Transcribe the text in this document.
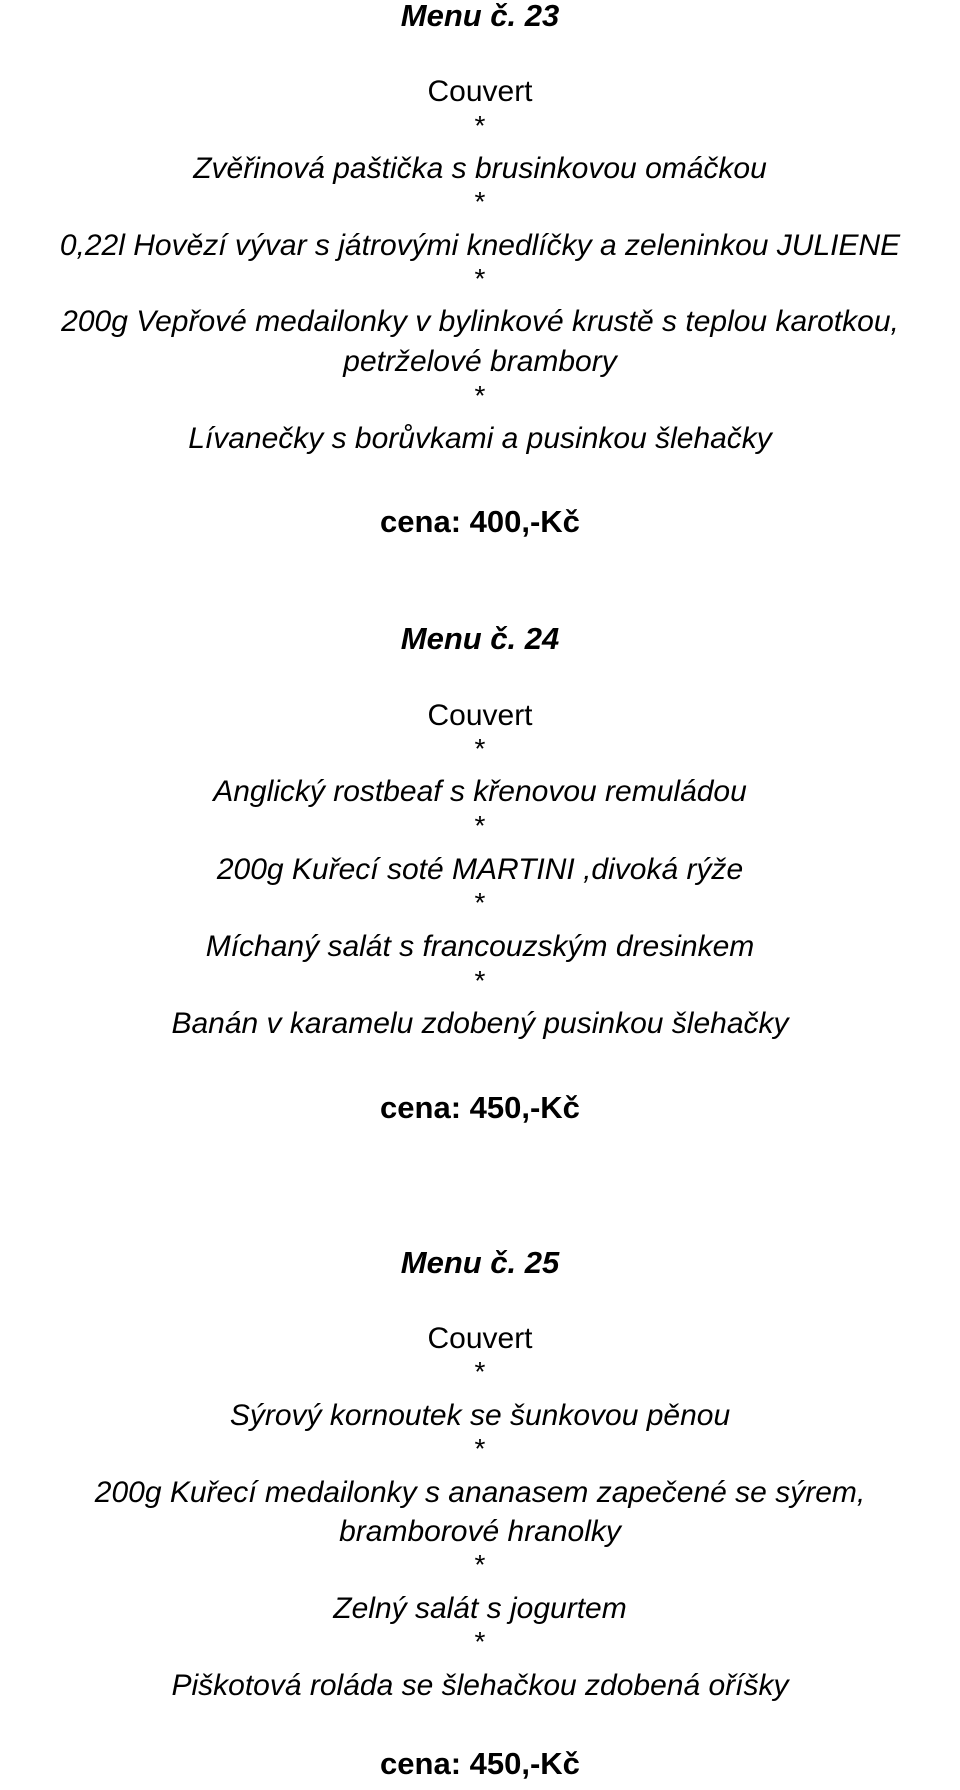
Menu č. 23
Couvert
*
Zvěřinová paštička s brusinkovou omáčkou
*
0,22l Hovězí vývar s játrovými knedlíčky a zeleninkou JULIENE
*
200g Vepřové medailonky v bylinkové krustě s teplou karotkou,
petrželové brambory
*
Lívanečky s borůvkami a pusinkou šlehačky
cena: 400,-Kč
Menu č. 24
Couvert
*
Anglický rostbeaf s křenovou remuládou
*
200g Kuřecí soté MARTINI ,divoká rýže
*
Míchaný salát s francouzským dresinkem
*
Banán v karamelu zdobený pusinkou šlehačky
cena: 450,-Kč
Menu č. 25
Couvert
*
Sýrový kornoutek se šunkovou pěnou
*
200g Kuřecí medailonky s ananasem zapečené se sýrem,
bramborové hranolky
*
Zelný salát s jogurtem
*
Piškotová roláda se šlehačkou zdobená oříšky
cena: 450,-Kč
